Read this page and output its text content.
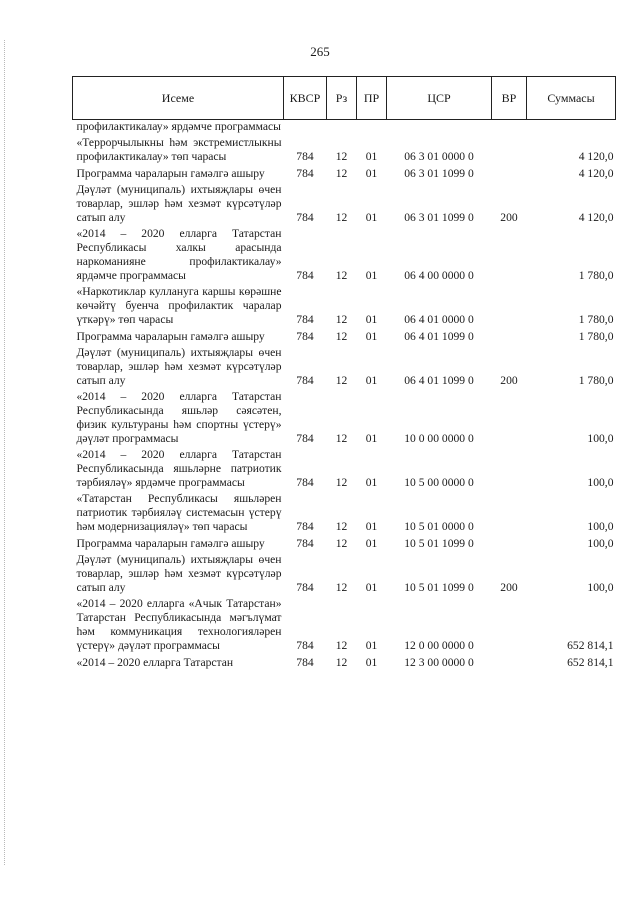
265
Исеме	КВСР	Рз	ПР	ЦСР	ВР	Суммасы
профилактикалау» ярдәмче программасы						
«Террорчылыкны һәм экстремистлыкны профилактикалау» төп чарасы	784	12	01	06 3 01 0000 0		4 120,0
Программа чараларын гамәлгә ашыру	784	12	01	06 3 01 1099 0		4 120,0
Дәүләт (муниципаль) ихтыяҗлары өчен товарлар, эшләр һәм хезмәт күрсәтүләр сатып алу	784	12	01	06 3 01 1099 0	200	4 120,0
«2014 – 2020 елларга Татарстан Республикасы халкы арасында наркоманияне профилактикалау» ярдәмче программасы	784	12	01	06 4 00 0000 0		1 780,0
«Наркотиклар куллануга каршы көрәшне көчәйтү буенча профилактик чаралар үткәрү» төп чарасы	784	12	01	06 4 01 0000 0		1 780,0
Программа чараларын гамәлгә ашыру	784	12	01	06 4 01 1099 0		1 780,0
Дәүләт (муниципаль) ихтыяҗлары өчен товарлар, эшләр һәм хезмәт күрсәтүләр сатып алу	784	12	01	06 4 01 1099 0	200	1 780,0
«2014 – 2020 елларга Татарстан Республикасында яшьләр сәясәтен, физик культураны һәм спортны үстерү» дәүләт программасы	784	12	01	10 0 00 0000 0		100,0
«2014 – 2020 елларга Татарстан Республикасында яшьләрне патриотик тәрбияләү» ярдәмче программасы	784	12	01	10 5 00 0000 0		100,0
«Татарстан Республикасы яшьләрен патриотик тәрбияләү системасын үстерү һәм модернизацияләү» төп чарасы	784	12	01	10 5 01 0000 0		100,0
Программа чараларын гамәлгә ашыру	784	12	01	10 5 01 1099 0		100,0
Дәүләт (муниципаль) ихтыяҗлары өчен товарлар, эшләр һәм хезмәт күрсәтүләр сатып алу	784	12	01	10 5 01 1099 0	200	100,0
«2014 – 2020 елларга «Ачык Татарстан» Татарстан Республикасында мәгълүмат һәм коммуникация технологияләрен үстерү» дәүләт программасы	784	12	01	12 0 00 0000 0		652 814,1
«2014 – 2020 елларга Татарстан	784	12	01	12 3 00 0000 0		652 814,1
